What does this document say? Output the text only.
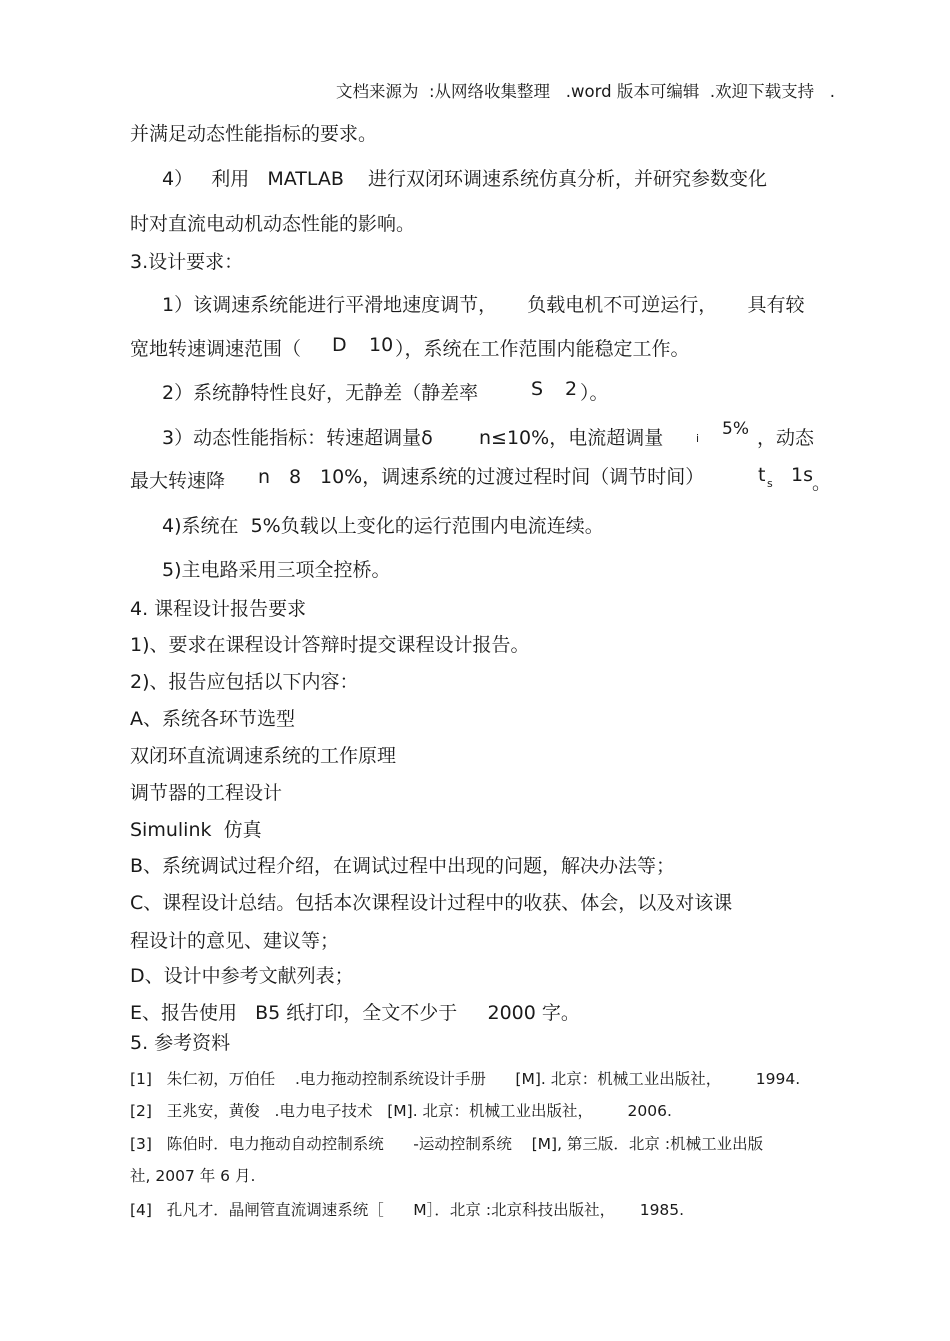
文档来源为  :从网络收集整理   .word 版本可编辑  .欢迎下载支持   .
并满足动态性能指标的要求。
4）   利用   MATLAB    进行双闭环调速系统仿真分析，并研究参数变化
时对直流电动机动态性能的影响。
3.设计要求：
1）该调速系统能进行平滑地速度调节，     负载电机不可逆运行，     具有较
宽地转速调速范围（ D 10 ），系统在工作范围内能稳定工作。
2）系统静特性良好，无静差（静差率	S 2 ）。
3）动态性能指标：转速超调量δ n≤10%，电流超调量	i 5% ，动态
最大转速降 n 8 10%，调速系统的过渡过程时间（调节时间）	t s 1s 。
4)系统在  5%负载以上变化的运行范围内电流连续。
5)主电路采用三项全控桥。
4. 课程设计报告要求
1)、要求在课程设计答辩时提交课程设计报告。
2)、报告应包括以下内容：
A、系统各环节选型
双闭环直流调速系统的工作原理
调节器的工程设计
Simulink  仿真
B、系统调试过程介绍，在调试过程中出现的问题，解决办法等；
C、课程设计总结。包括本次课程设计过程中的收获、体会，以及对该课
程设计的意见、建议等；
D、设计中参考文献列表；
E、报告使用   B5 纸打印，全文不少于     2000 字。
5. 参考资料
[1]   朱仁初，万伯任    .电力拖动控制系统设计手册      [M]. 北京：机械工业出版社，       1994.
[2]   王兆安，黄俊   .电力电子技术   [M]. 北京：机械工业出版社，       2006.
[3]   陈伯时．电力拖动自动控制系统      -运动控制系统    [M], 第三版．北京 :机械工业出版
社, 2007 年 6 月.
[4]   孔凡才．晶闸管直流调速系统［      M］．北京 :北京科技出版社，     1985.
